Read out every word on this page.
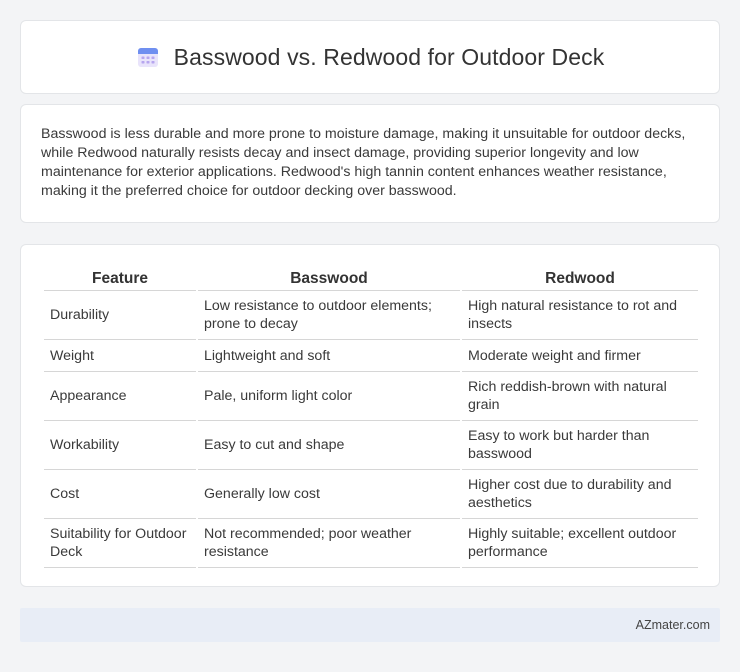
Basswood vs. Redwood for Outdoor Deck

Basswood is less durable and more prone to moisture damage, making it unsuitable for outdoor decks, while Redwood naturally resists decay and insect damage, providing superior longevity and low maintenance for exterior applications. Redwood's high tannin content enhances weather resistance, making it the preferred choice for outdoor decking over basswood.

Feature	Basswood	Redwood
Durability	Low resistance to outdoor elements; prone to decay	High natural resistance to rot and insects
Weight	Lightweight and soft	Moderate weight and firmer
Appearance	Pale, uniform light color	Rich reddish-brown with natural grain
Workability	Easy to cut and shape	Easy to work but harder than basswood
Cost	Generally low cost	Higher cost due to durability and aesthetics
Suitability for Outdoor Deck	Not recommended; poor weather resistance	Highly suitable; excellent outdoor performance
AZmater.com
